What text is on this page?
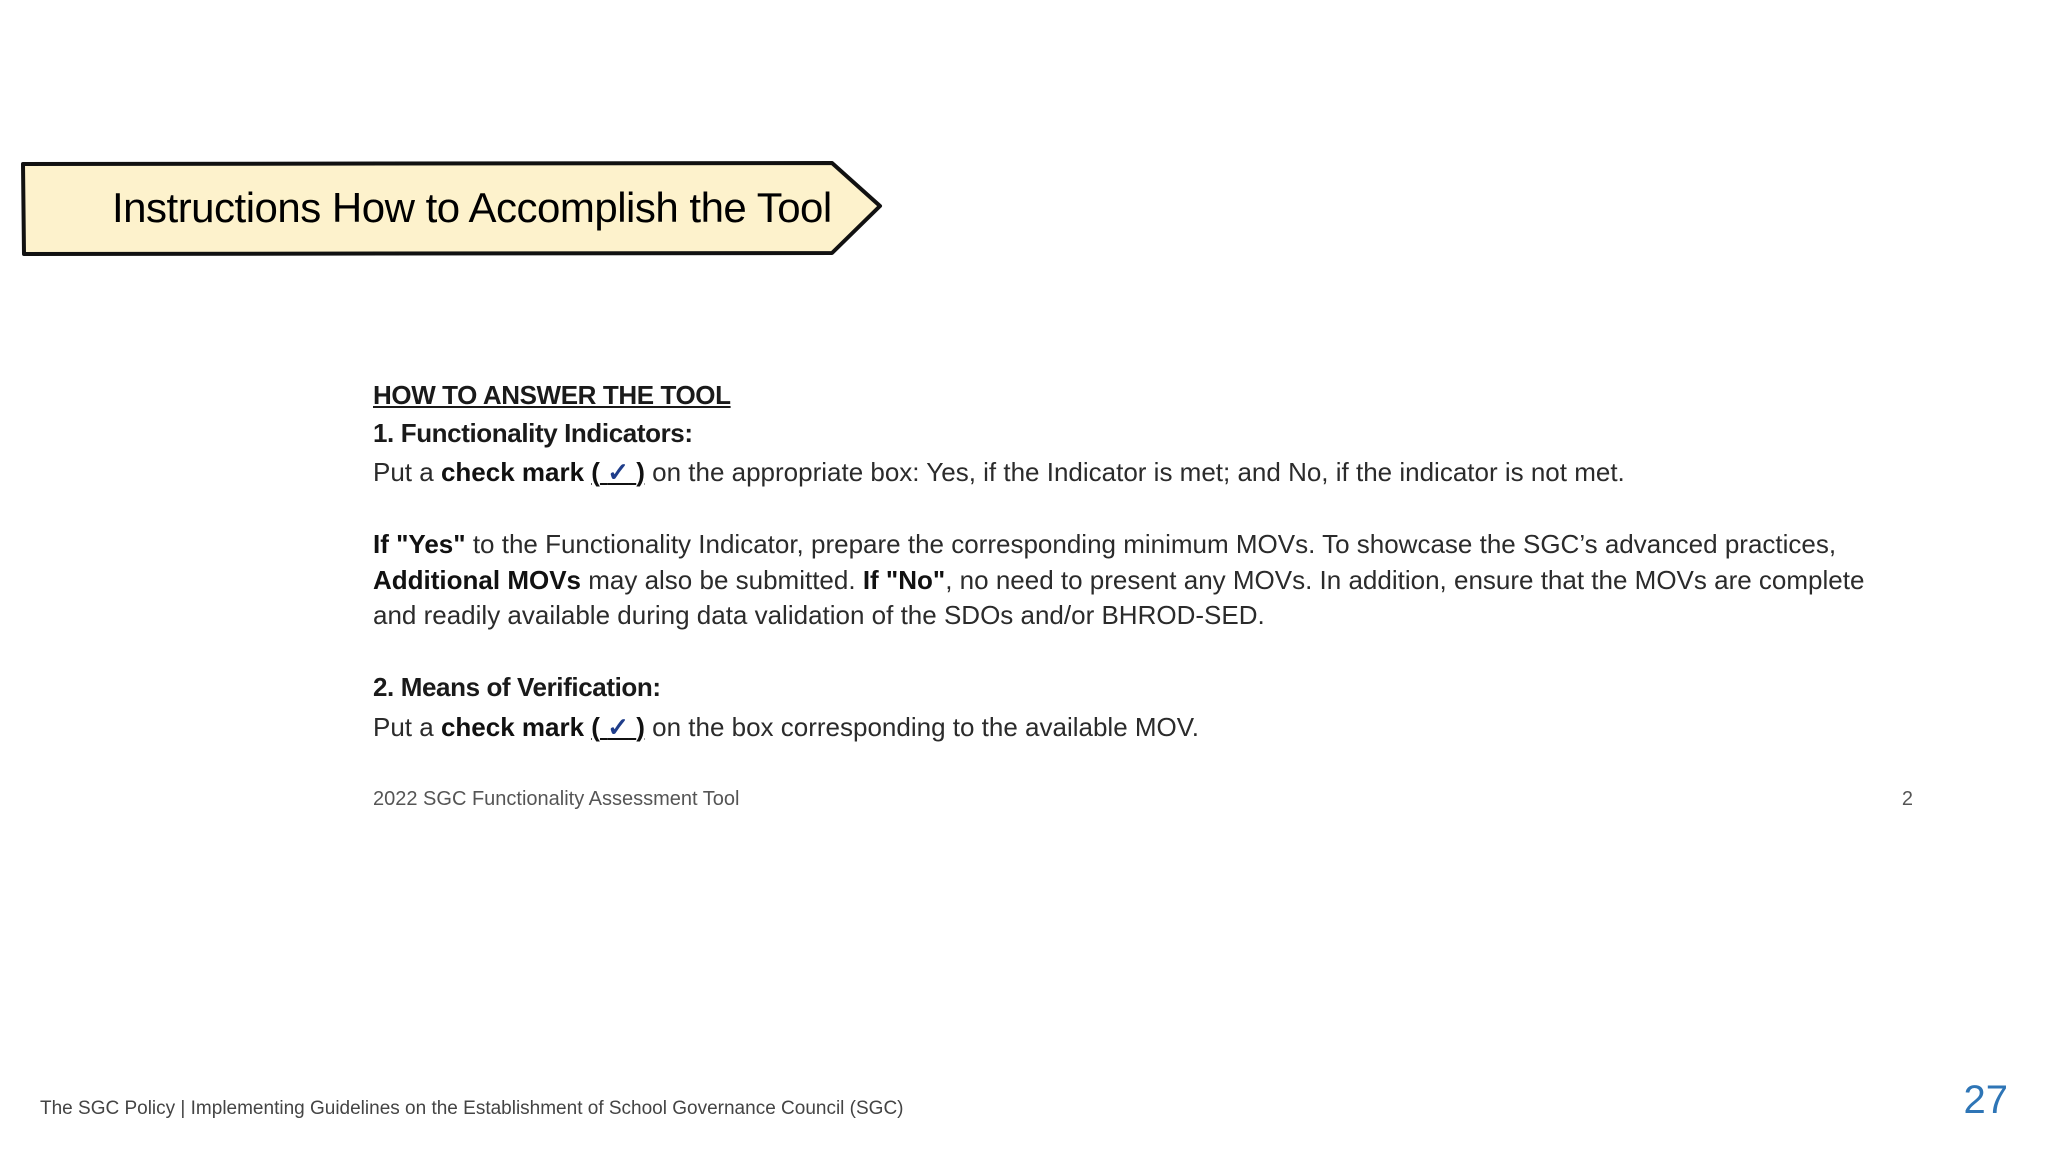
Instructions How to Accomplish the Tool
HOW TO ANSWER THE TOOL
1. Functionality Indicators:
Put a check mark ( ✓ ) on the appropriate box: Yes, if the Indicator is met; and No, if the indicator is not met.
If "Yes" to the Functionality Indicator, prepare the corresponding minimum MOVs. To showcase the SGC’s advanced practices,
Additional MOVs may also be submitted. If "No", no need to present any MOVs. In addition, ensure that the MOVs are complete
and readily available during data validation of the SDOs and/or BHROD-SED.
2. Means of Verification:
Put a check mark ( ✓ ) on the box corresponding to the available MOV.
2022 SGC Functionality Assessment Tool	2
The SGC Policy | Implementing Guidelines on the Establishment of School Governance Council (SGC)	27
